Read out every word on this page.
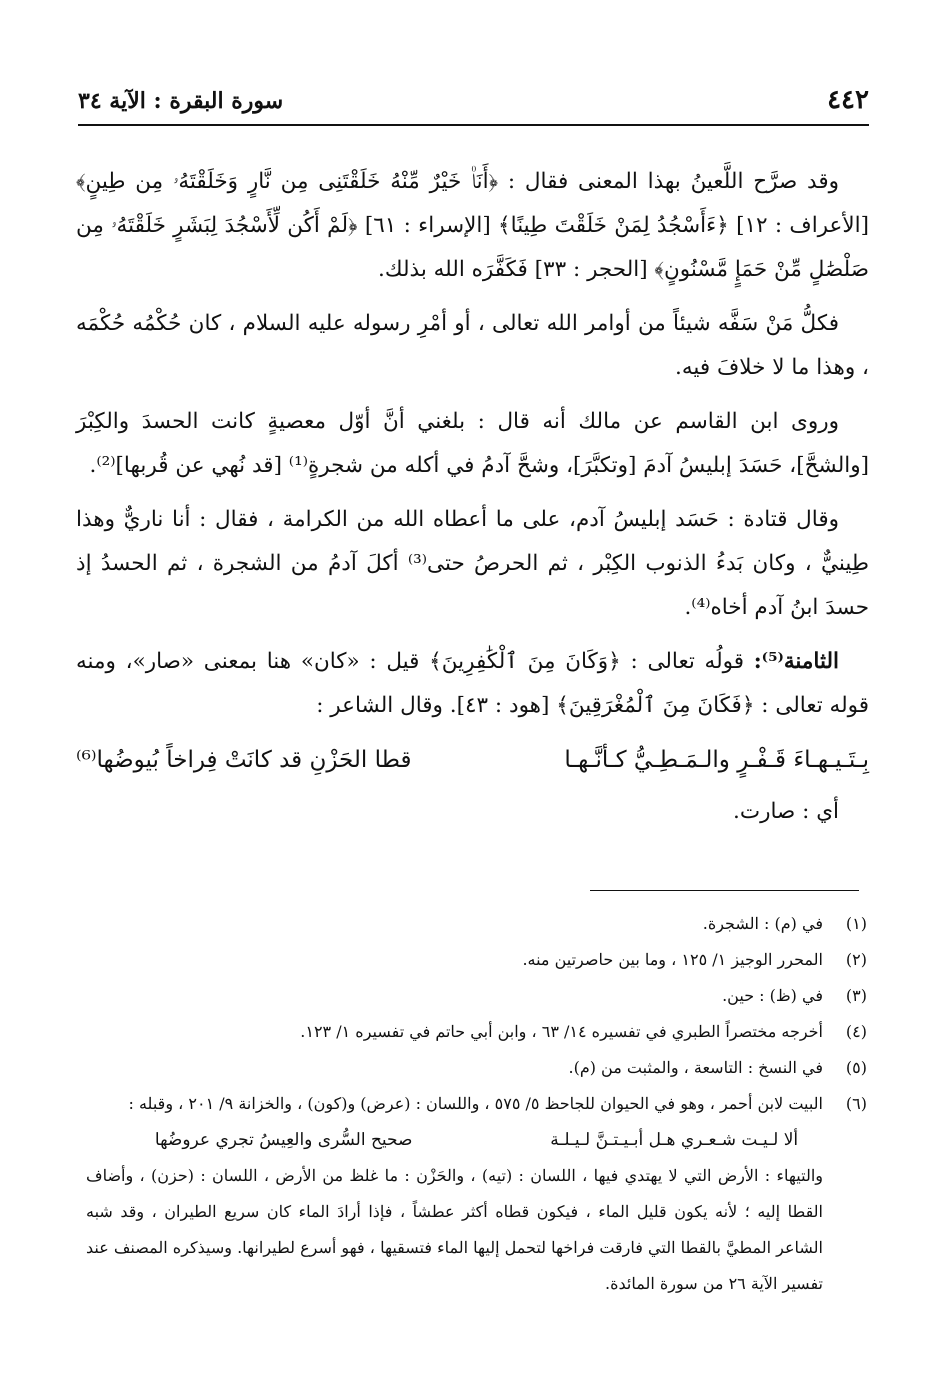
٤٤٢
سورة البقرة : الآية ٣٤

وقد صرَّح اللَّعينُ بهذا المعنى فقال : ﴿أَنَا۠ خَيْرٌ مِّنْهُ خَلَقْتَنِى مِن نَّارٍ وَخَلَقْتَهُۥ مِن طِينٍ﴾ [الأعراف : ١٢] ﴿ءَأَسْجُدُ لِمَنْ خَلَقْتَ طِينًا﴾ [الإسراء : ٦١] ﴿لَمْ أَكُن لِّأَسْجُدَ لِبَشَرٍ خَلَقْتَهُۥ مِن صَلْصَٰلٍ مِّنْ حَمَإٍ مَّسْنُونٍ﴾ [الحجر : ٣٣] فَكَفَّرَه الله بذلك.

فكلُّ مَنْ سَفَّه شيئاً من أوامر الله تعالى ، أو أمْرِ رسوله عليه السلام ، كان حُكْمُه حُكْمَه ، وهذا ما لا خلافَ فيه.

وروى ابن القاسم عن مالك أنه قال : بلغني أنَّ أوّل معصيةٍ كانت الحسدَ والكِبْرَ [والشحَّ]، حَسَدَ إبليسُ آدمَ [وتكبَّرَ]، وشحَّ آدمُ في أكله من شجرةٍ⁽¹⁾ [قد نُهي عن قُربها]⁽²⁾.

وقال قتادة : حَسَد إبليسُ آدم، على ما أعطاه الله من الكرامة ، فقال : أنا ناريٌّ وهذا طِينيٌّ ، وكان بَدءُ الذنوب الكِبْر ، ثم الحرصُ حتى⁽³⁾ أكلَ آدمُ من الشجرة ، ثم الحسدُ إذ حسدَ ابنُ آدم أخاه⁽⁴⁾.

الثامنة⁽⁵⁾: قولُه تعالى : ﴿وَكَانَ مِنَ ٱلْكَٰفِرِينَ﴾ قيل : «كان» هنا بمعنى «صار»، ومنه قوله تعالى : ﴿فَكَانَ مِنَ ٱلْمُغْرَقِينَ﴾ [هود : ٤٣]. وقال الشاعر :

بِـتَـيـهـاءَ قَـفْـرٍ والـمَـطِـيُّ كـأنَّـهـا
قطا الحَزْنِ قد كانَتْ فِراخاً بُيوضُها⁽⁶⁾

أي : صارت.

(١)
في (م) : الشجرة.
(٢)
المحرر الوجيز ١/ ١٢٥ ، وما بين حاصرتين منه.
(٣)
في (ظ) : حين.
(٤)
أخرجه مختصراً الطبري في تفسيره ١٤/ ٦٣ ، وابن أبي حاتم في تفسيره ١/ ١٢٣.
(٥)
في النسخ : التاسعة ، والمثبت من (م).
(٦)
البيت لابن أحمر ، وهو في الحيوان للجاحظ ٥/ ٥٧٥ ، واللسان : (عرض) و(كون) ، والخزانة ٩/ ٢٠١ ، وقبله :
ألا لـيـت شـعـري هـل أبـيـتـنَّ لـيـلـة
صحيح السُّرى والعِيسُ تجري عروضُها
والتيهاء : الأرض التي لا يهتدي فيها ، اللسان : (تيه) ، والحَزْن : ما غلظ من الأرض ، اللسان : (حزن) ، وأضاف القطا إليه ؛ لأنه يكون قليل الماء ، فيكون قطاه أكثر عطشاً ، فإذا أرادَ الماء كان سريع الطيران ، وقد شبه الشاعر المطيَّ بالقطا التي فارقت فراخها لتحمل إليها الماء فتسقيها ، فهو أسرع لطيرانها. وسيذكره المصنف عند تفسير الآية ٢٦ من سورة المائدة.
